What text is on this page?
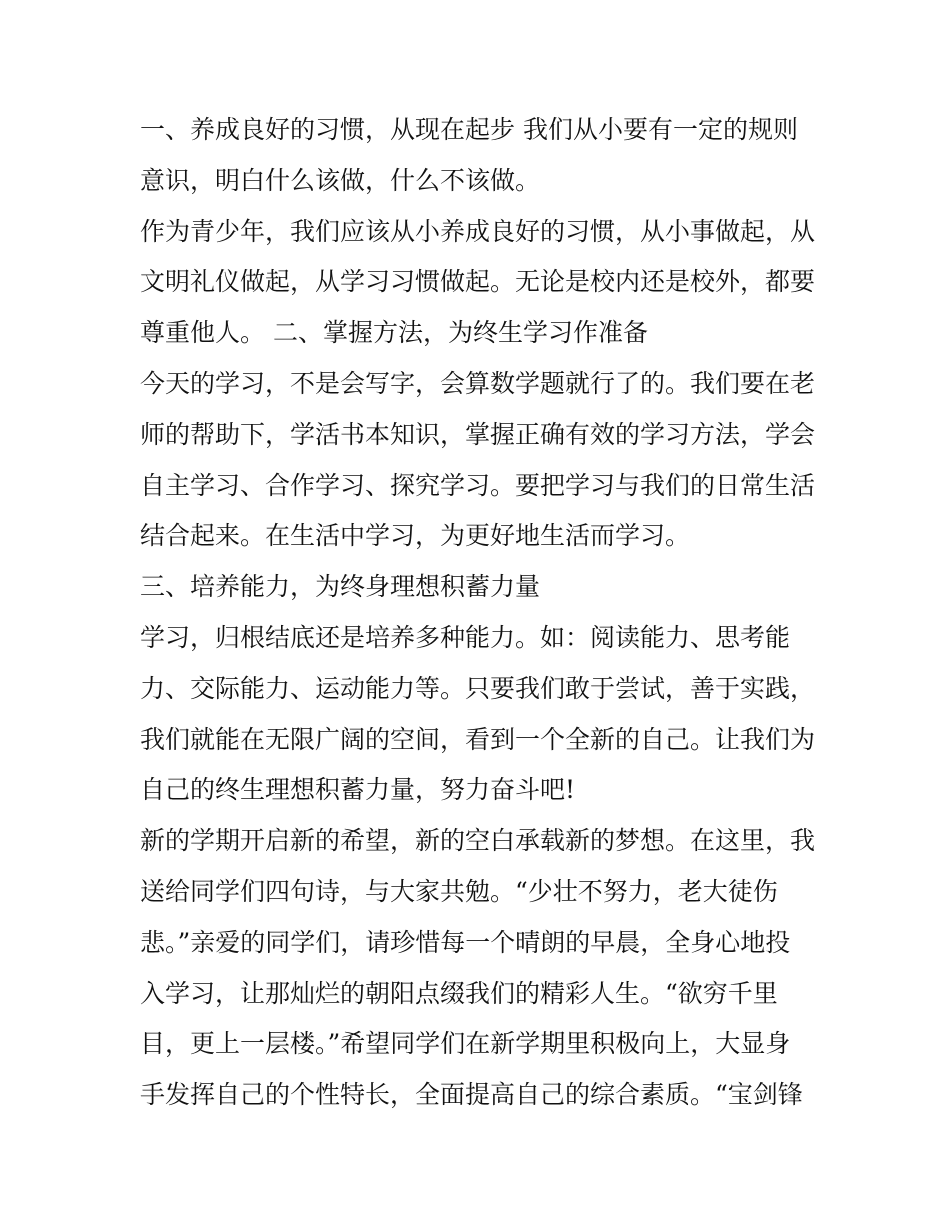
一、养成良好的习惯，从现在起步 我们从小要有一定的规则
意识，明白什么该做，什么不该做。
作为青少年，我们应该从小养成良好的习惯，从小事做起，从
文明礼仪做起，从学习习惯做起。无论是校内还是校外，都要
尊重他人。 二、掌握方法，为终生学习作准备
今天的学习，不是会写字，会算数学题就行了的。我们要在老
师的帮助下，学活书本知识，掌握正确有效的学习方法，学会
自主学习、合作学习、探究学习。要把学习与我们的日常生活
结合起来。在生活中学习，为更好地生活而学习。
三、培养能力，为终身理想积蓄力量
学习，归根结底还是培养多种能力。如：阅读能力、思考能
力、交际能力、运动能力等。只要我们敢于尝试，善于实践，
我们就能在无限广阔的空间，看到一个全新的自己。让我们为
自己的终生理想积蓄力量，努力奋斗吧!
新的学期开启新的希望，新的空白承载新的梦想。在这里，我
送给同学们四句诗，与大家共勉。“少壮不努力，老大徒伤
悲。”亲爱的同学们，请珍惜每一个晴朗的早晨，全身心地投
入学习，让那灿烂的朝阳点缀我们的精彩人生。“欲穷千里
目，更上一层楼。”希望同学们在新学期里积极向上，大显身
手发挥自己的个性特长，全面提高自己的综合素质。“宝剑锋
